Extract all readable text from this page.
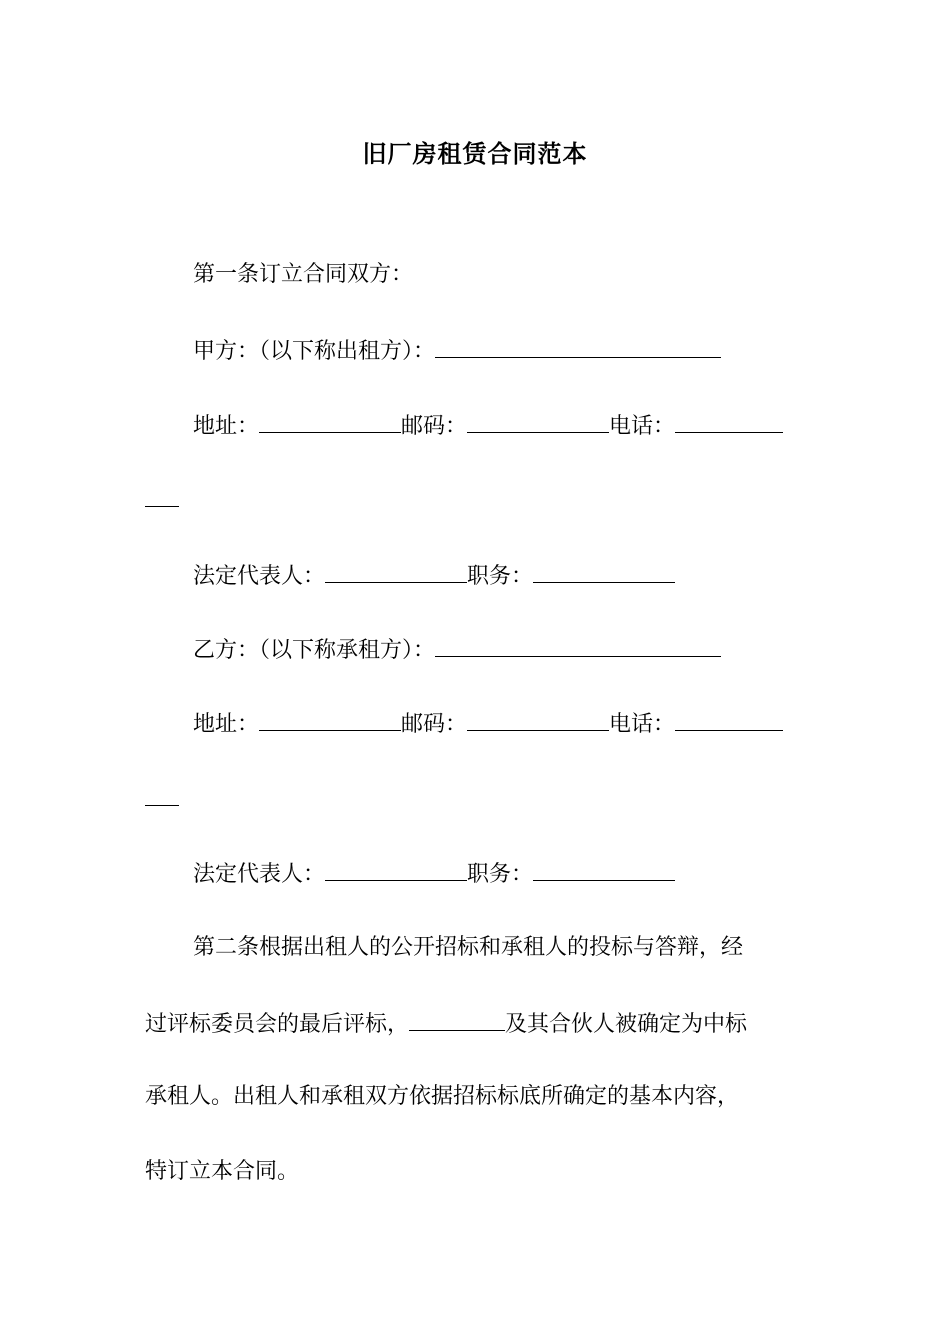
旧厂房租赁合同范本
第一条订立合同双方：
甲方：（以下称出租方）：
地址：	邮码：	电话：
法定代表人：	职务：
乙方：（以下称承租方）：
地址：	邮码：	电话：
法定代表人：	职务：
第二条根据出租人的公开招标和承租人的投标与答辩，经
过评标委员会的最后评标，	及其合伙人被确定为中标
承租人。出租人和承租双方依据招标标底所确定的基本内容，
特订立本合同。
